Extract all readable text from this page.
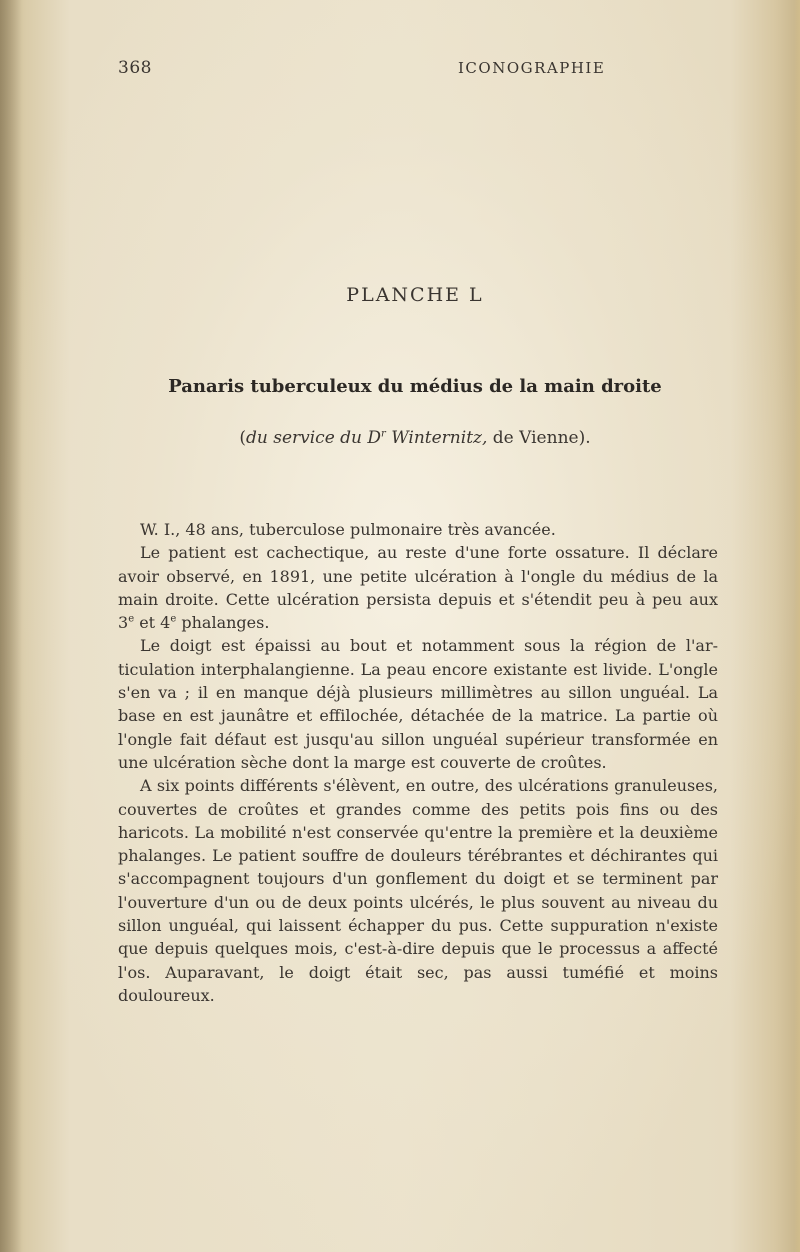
368	ICONOGRAPHIE
PLANCHE L
Panaris tuberculeux du médius de la main droite
(du service du $D^r$ Winternitz, de Vienne).

W. I., 48 ans, tuberculose pulmonaire très avancée.

Le patient est cachectique, au reste d'une forte ossature. Il déclare avoir observé, en 1891, une petite ulcération à l'ongle du médius de la main droite. Cette ulcération persista depuis et s'étendit peu à peu aux 3e et 4e phalanges.

Le doigt est épaissi au bout et notamment sous la région de l'articulation interphalangienne. La peau encore existante est livide. L'ongle s'en va ; il en manque déjà plusieurs millimètres au sillon unguéal. La base en est jaunâtre et effilochée, détachée de la matrice. La partie où l'ongle fait défaut est jusqu'au sillon unguéal supérieur transformée en une ulcération sèche dont la marge est couverte de croûtes.

A six points différents s'élèvent, en outre, des ulcérations granuleuses, couvertes de croûtes et grandes comme des petits pois fins ou des haricots. La mobilité n'est conservée qu'entre la première et la deuxième phalanges. Le patient souffre de douleurs térébrantes et déchirantes qui s'accompagnent toujours d'un gonflement du doigt et se terminent par l'ouverture d'un ou de deux points ulcérés, le plus souvent au niveau du sillon unguéal, qui laissent échapper du pus. Cette suppuration n'existe que depuis quelques mois, c'est-à-dire depuis que le processus a affecté l'os. Auparavant, le doigt était sec, pas aussi tuméfié et moins douloureux.
